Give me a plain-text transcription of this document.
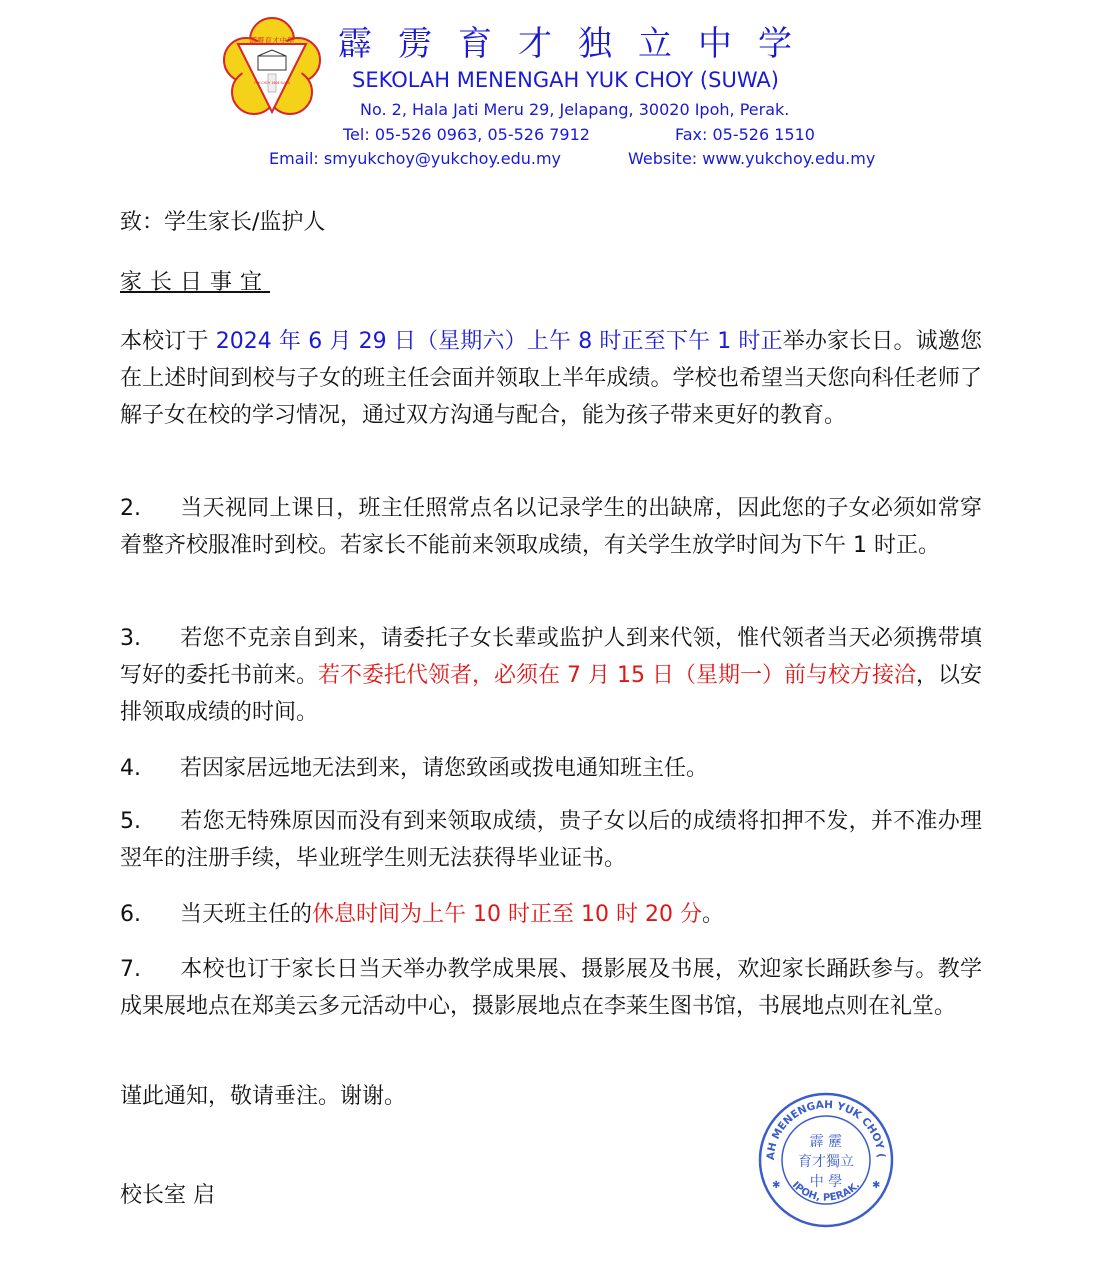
霹靂育才中學
YUK CHOY 1908 SUWA
霹雳育才独立中学
SEKOLAH MENENGAH YUK CHOY (SUWA)
No. 2, Hala Jati Meru 29, Jelapang, 30020 Ipoh, Perak.
Tel: 05-526 0963, 05-526 7912	Fax: 05-526 1510
Email: smyukchoy@yukchoy.edu.my	Website: www.yukchoy.edu.my
致：学生家长/监护人
家长日事宜
本校订于 2024 年 6 月 29 日（星期六）上午 8 时正至下午 1 时正举办家长日。诚邀您在上述时间到校与子女的班主任会面并领取上半年成绩。学校也希望当天您向科任老师了解子女在校的学习情况，通过双方沟通与配合，能为孩子带来更好的教育。
2. 当天视同上课日，班主任照常点名以记录学生的出缺席，因此您的子女必须如常穿着整齐校服准时到校。若家长不能前来领取成绩，有关学生放学时间为下午 1 时正。
3. 若您不克亲自到来，请委托子女长辈或监护人到来代领，惟代领者当天必须携带填写好的委托书前来。若不委托代领者，必须在 7 月 15 日（星期一）前与校方接洽，以安排领取成绩的时间。
4. 若因家居远地无法到来，请您致函或拨电通知班主任。
5. 若您无特殊原因而没有到来领取成绩，贵子女以后的成绩将扣押不发，并不准办理翌年的注册手续，毕业班学生则无法获得毕业证书。
6. 当天班主任的休息时间为上午 10 时正至 10 时 20 分。
7. 本校也订于家长日当天举办教学成果展、摄影展及书展，欢迎家长踊跃参与。教学成果展地点在郑美云多元活动中心，摄影展地点在李莱生图书馆，书展地点则在礼堂。
谨此通知，敬请垂注。谢谢。
校长室 启
AH MENENGAH YUK CHOY (
IPOH, PERAK.
霹 靂
育才獨立
中 學
✱	✱
